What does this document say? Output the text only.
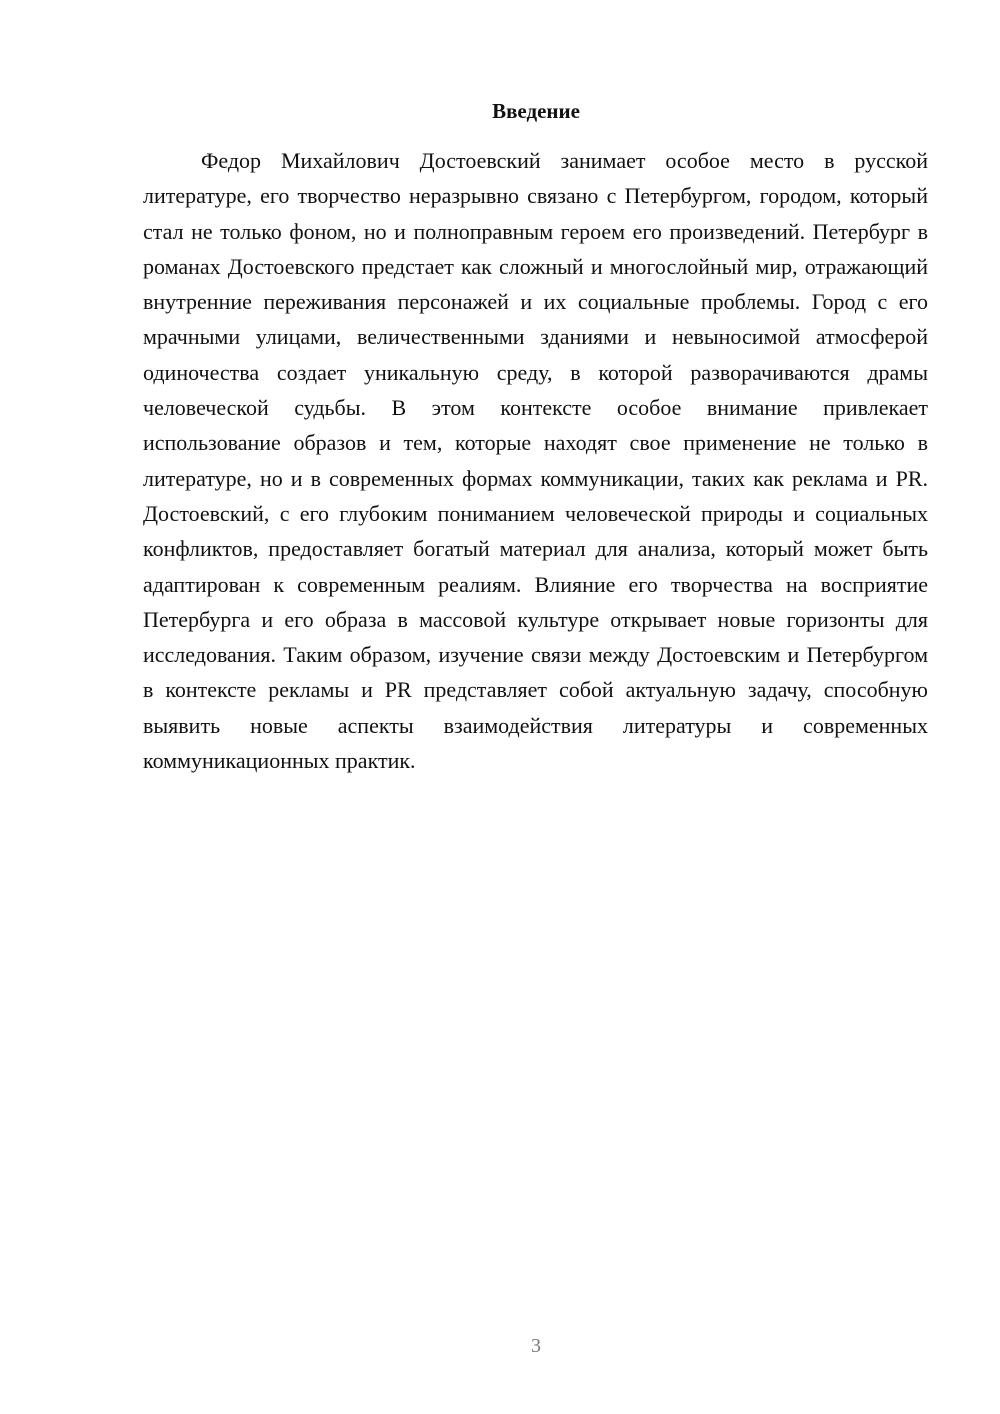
Введение

Федор Михайлович Достоевский занимает особое место в русской литературе, его творчество неразрывно связано с Петербургом, городом, который стал не только фоном, но и полноправным героем его произведений. Петербург в романах Достоевского предстает как сложный и многослойный мир, отражающий внутренние переживания персонажей и их социальные проблемы. Город с его мрачными улицами, величественными зданиями и невыносимой атмосферой одиночества создает уникальную среду, в которой разворачиваются драмы человеческой судьбы. В этом контексте особое внимание привлекает использование образов и тем, которые находят свое применение не только в литературе, но и в современных формах коммуникации, таких как реклама и PR. Достоевский, с его глубоким пониманием человеческой природы и социальных конфликтов, предоставляет богатый материал для анализа, который может быть адаптирован к современным реалиям. Влияние его творчества на восприятие Петербурга и его образа в массовой культуре открывает новые горизонты для исследования. Таким образом, изучение связи между Достоевским и Петербургом в контексте рекламы и PR представляет собой актуальную задачу, способную выявить новые аспекты взаимодействия литературы и современных коммуникационных практик.

3
